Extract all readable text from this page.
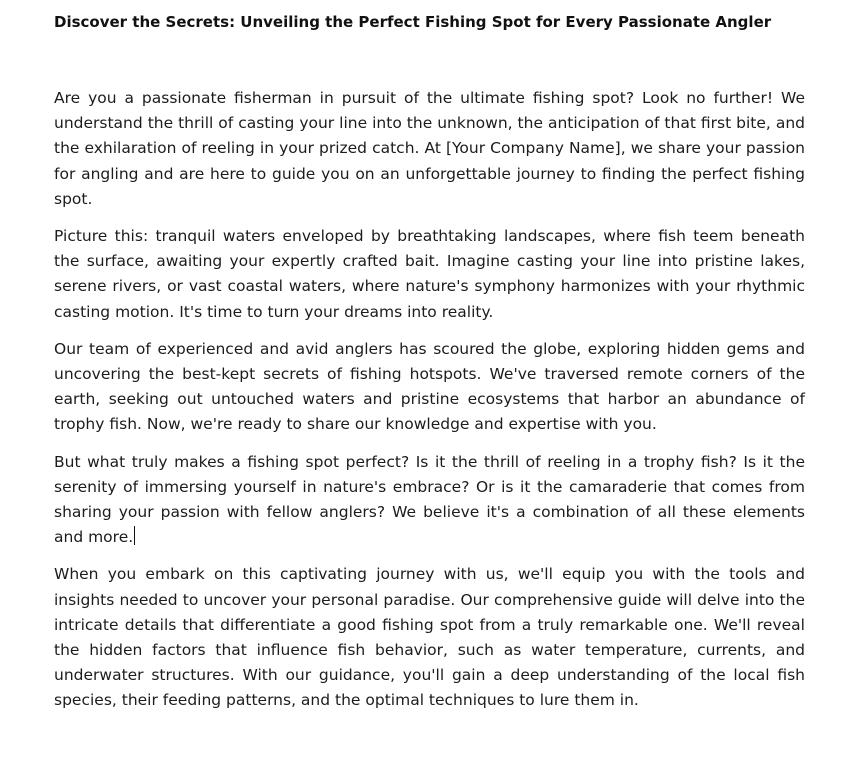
Discover the Secrets: Unveiling the Perfect Fishing Spot for Every Passionate Angler

Are you a passionate fisherman in pursuit of the ultimate fishing spot? Look no further! We understand the thrill of casting your line into the unknown, the anticipation of that first bite, and the exhilaration of reeling in your prized catch. At [Your Company Name], we share your passion for angling and are here to guide you on an unforgettable journey to finding the perfect fishing spot.

Picture this: tranquil waters enveloped by breathtaking landscapes, where fish teem beneath the surface, awaiting your expertly crafted bait. Imagine casting your line into pristine lakes, serene rivers, or vast coastal waters, where nature's symphony harmonizes with your rhythmic casting motion. It's time to turn your dreams into reality.

Our team of experienced and avid anglers has scoured the globe, exploring hidden gems and uncovering the best-kept secrets of fishing hotspots. We've traversed remote corners of the earth, seeking out untouched waters and pristine ecosystems that harbor an abundance of trophy fish. Now, we're ready to share our knowledge and expertise with you.

But what truly makes a fishing spot perfect? Is it the thrill of reeling in a trophy fish? Is it the serenity of immersing yourself in nature's embrace? Or is it the camaraderie that comes from sharing your passion with fellow anglers? We believe it's a combination of all these elements and more.

When you embark on this captivating journey with us, we'll equip you with the tools and insights needed to uncover your personal paradise. Our comprehensive guide will delve into the intricate details that differentiate a good fishing spot from a truly remarkable one. We'll reveal the hidden factors that influence fish behavior, such as water temperature, currents, and underwater structures. With our guidance, you'll gain a deep understanding of the local fish species, their feeding patterns, and the optimal techniques to lure them in.
